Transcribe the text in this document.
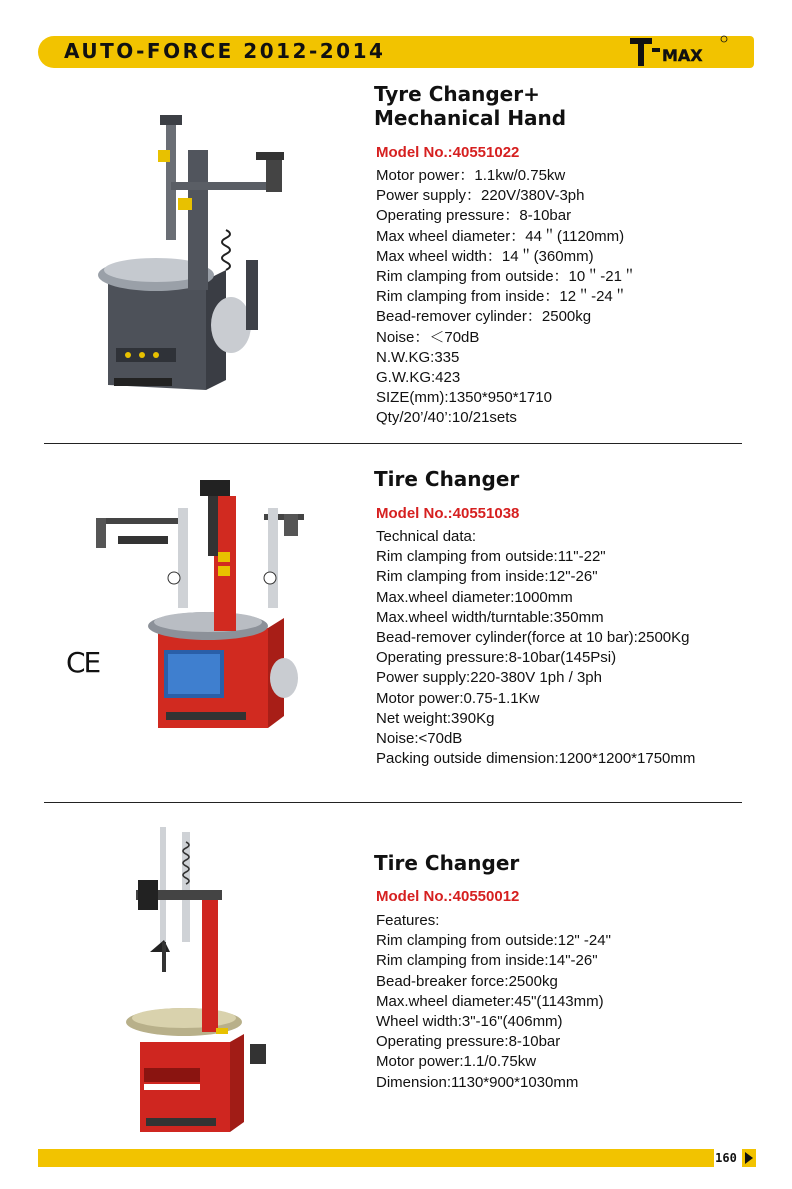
AUTO-FORCE 2012-2014	MAX
Tyre Changer+
Mechanical Hand
Model No.:40551022
Motor power：1.1kw/0.75kw
Power supply：220V/380V-3ph
Operating pressure：8-10bar
Max wheel diameter：44＂(1120mm)
Max wheel width：14＂(360mm)
Rim clamping from outside：10＂-21＂
Rim clamping from inside：12＂-24＂
Bead-remover cylinder：2500kg
Noise：＜70dB
N.W.KG:335
G.W.KG:423
SIZE(mm):1350*950*1710
Qty/20’/40’:10/21sets
CE
Tire Changer
Model No.:40551038
Technical data:
Rim clamping from outside:11"-22"
Rim clamping from inside:12"-26"
Max.wheel diameter:1000mm
Max.wheel width/turntable:350mm
Bead-remover cylinder(force at 10 bar):2500Kg
Operating pressure:8-10bar(145Psi)
Power supply:220-380V 1ph / 3ph
Motor power:0.75-1.1Kw
Net weight:390Kg
Noise:<70dB
Packing outside dimension:1200*1200*1750mm
Tire Changer
Model No.:40550012
Features:
Rim clamping from outside:12" -24"
Rim clamping from inside:14"-26"
Bead-breaker force:2500kg
Max.wheel diameter:45"(1143mm)
Wheel width:3"-16"(406mm)
Operating pressure:8-10bar
Motor power:1.1/0.75kw
Dimension:1130*900*1030mm
160
